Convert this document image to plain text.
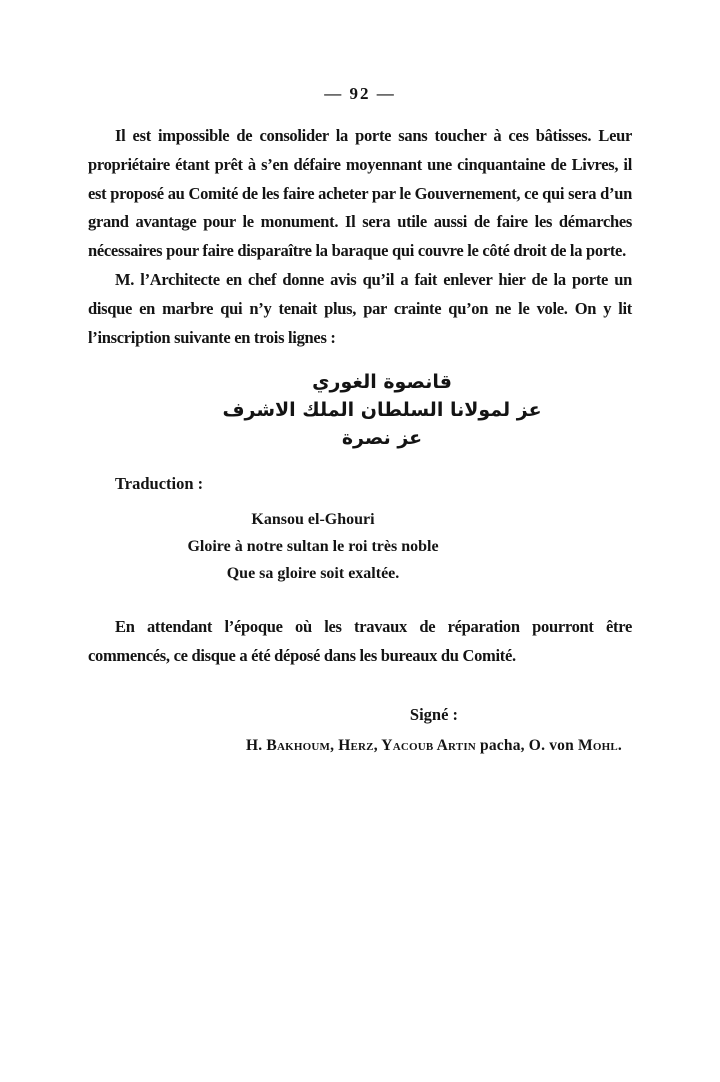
— 92 —

Il est impossible de consolider la porte sans toucher à ces bâtisses. Leur propriétaire étant prêt à s’en défaire moyennant une cinquantaine de Livres, il est proposé au Comité de les faire acheter par le Gouvernement, ce qui sera d’un grand avantage pour le monument. Il sera utile aussi de faire les démarches nécessaires pour faire disparaître la baraque qui couvre le côté droit de la porte.

M. l’Architecte en chef donne avis qu’il a fait enlever hier de la porte un disque en marbre qui n’y tenait plus, par crainte qu’on ne le vole. On y lit l’inscription suivante en trois lignes :

قانصوة الغوري
عز لمولانا السلطان الملك الاشرف
عز نصرة
Traduction :
Kansou el-Ghouri
Gloire à notre sultan le roi très noble
Que sa gloire soit exaltée.

En attendant l’époque où les travaux de réparation pourront être commencés, ce disque a été déposé dans les bureaux du Comité.

Signé :
H. Bakhoum, Herz, Yacoub Artin pacha, O. von Mohl.
